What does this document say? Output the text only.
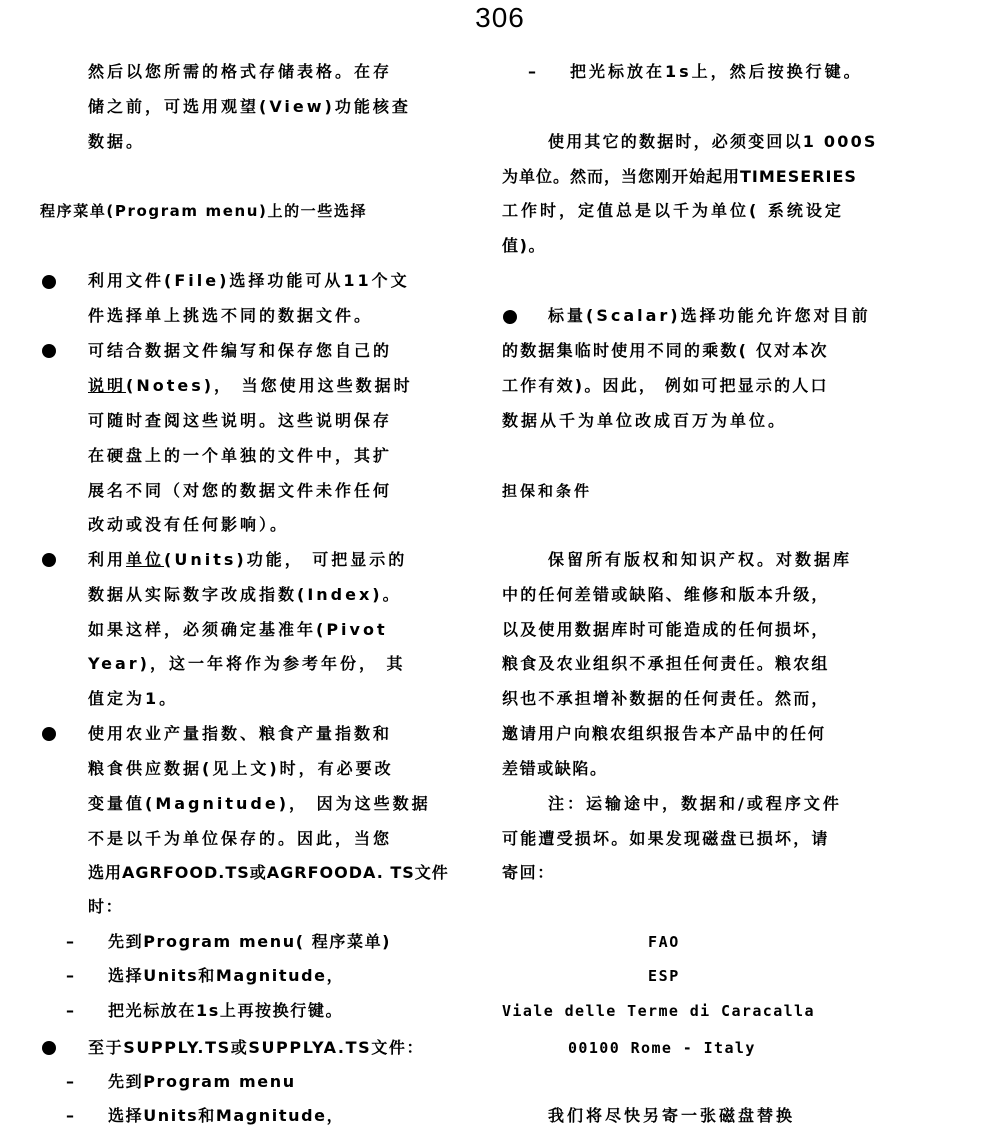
306
然后以您所需的格式存储表格。在存
储之前，可选用观望(View)功能核查
数据。
程序菜单(Program menu)上的一些选择
利用文件(File)选择功能可从11个文
件选择单上挑选不同的数据文件。
可结合数据文件编写和保存您自己的
说明(Notes)， 当您使用这些数据时
可随时查阅这些说明。这些说明保存
在硬盘上的一个单独的文件中，其扩
展名不同（对您的数据文件未作任何
改动或没有任何影响）。
利用单位(Units)功能， 可把显示的
数据从实际数字改成指数(Index)。
如果这样，必须确定基准年(Pivot
Year)，这一年将作为参考年份， 其
值定为1。
使用农业产量指数、粮食产量指数和
粮食供应数据(见上文)时，有必要改
变量值(Magnitude)， 因为这些数据
不是以千为单位保存的。因此，当您
选用AGRFOOD.TS或AGRFOODA. TS文件
时：
– 先到Program menu( 程序菜单)
– 选择Units和Magnitude，
– 把光标放在1s上再按换行键。
至于SUPPLY.TS或SUPPLYA.TS文件：
– 先到Program menu
– 选择Units和Magnitude，
– 把光标放在1s上，然后按换行键。
使用其它的数据时，必须变回以1 000S
为单位。然而，当您刚开始起用TIMESERIES
工作时，定值总是以千为单位( 系统设定
值)。
标量(Scalar)选择功能允许您对目前
的数据集临时使用不同的乘数( 仅对本次
工作有效)。因此， 例如可把显示的人口
数据从千为单位改成百万为单位。
担保和条件
保留所有版权和知识产权。对数据库
中的任何差错或缺陷、维修和版本升级，
以及使用数据库时可能造成的任何损坏，
粮食及农业组织不承担任何责任。粮农组
织也不承担增补数据的任何责任。然而，
邀请用户向粮农组织报告本产品中的任何
差错或缺陷。
注：运输途中，数据和/或程序文件
可能遭受损坏。如果发现磁盘已损坏，请
寄回：
FAO
ESP
Viale delle Terme di Caracalla
00100 Rome - Italy
我们将尽快另寄一张磁盘替换
